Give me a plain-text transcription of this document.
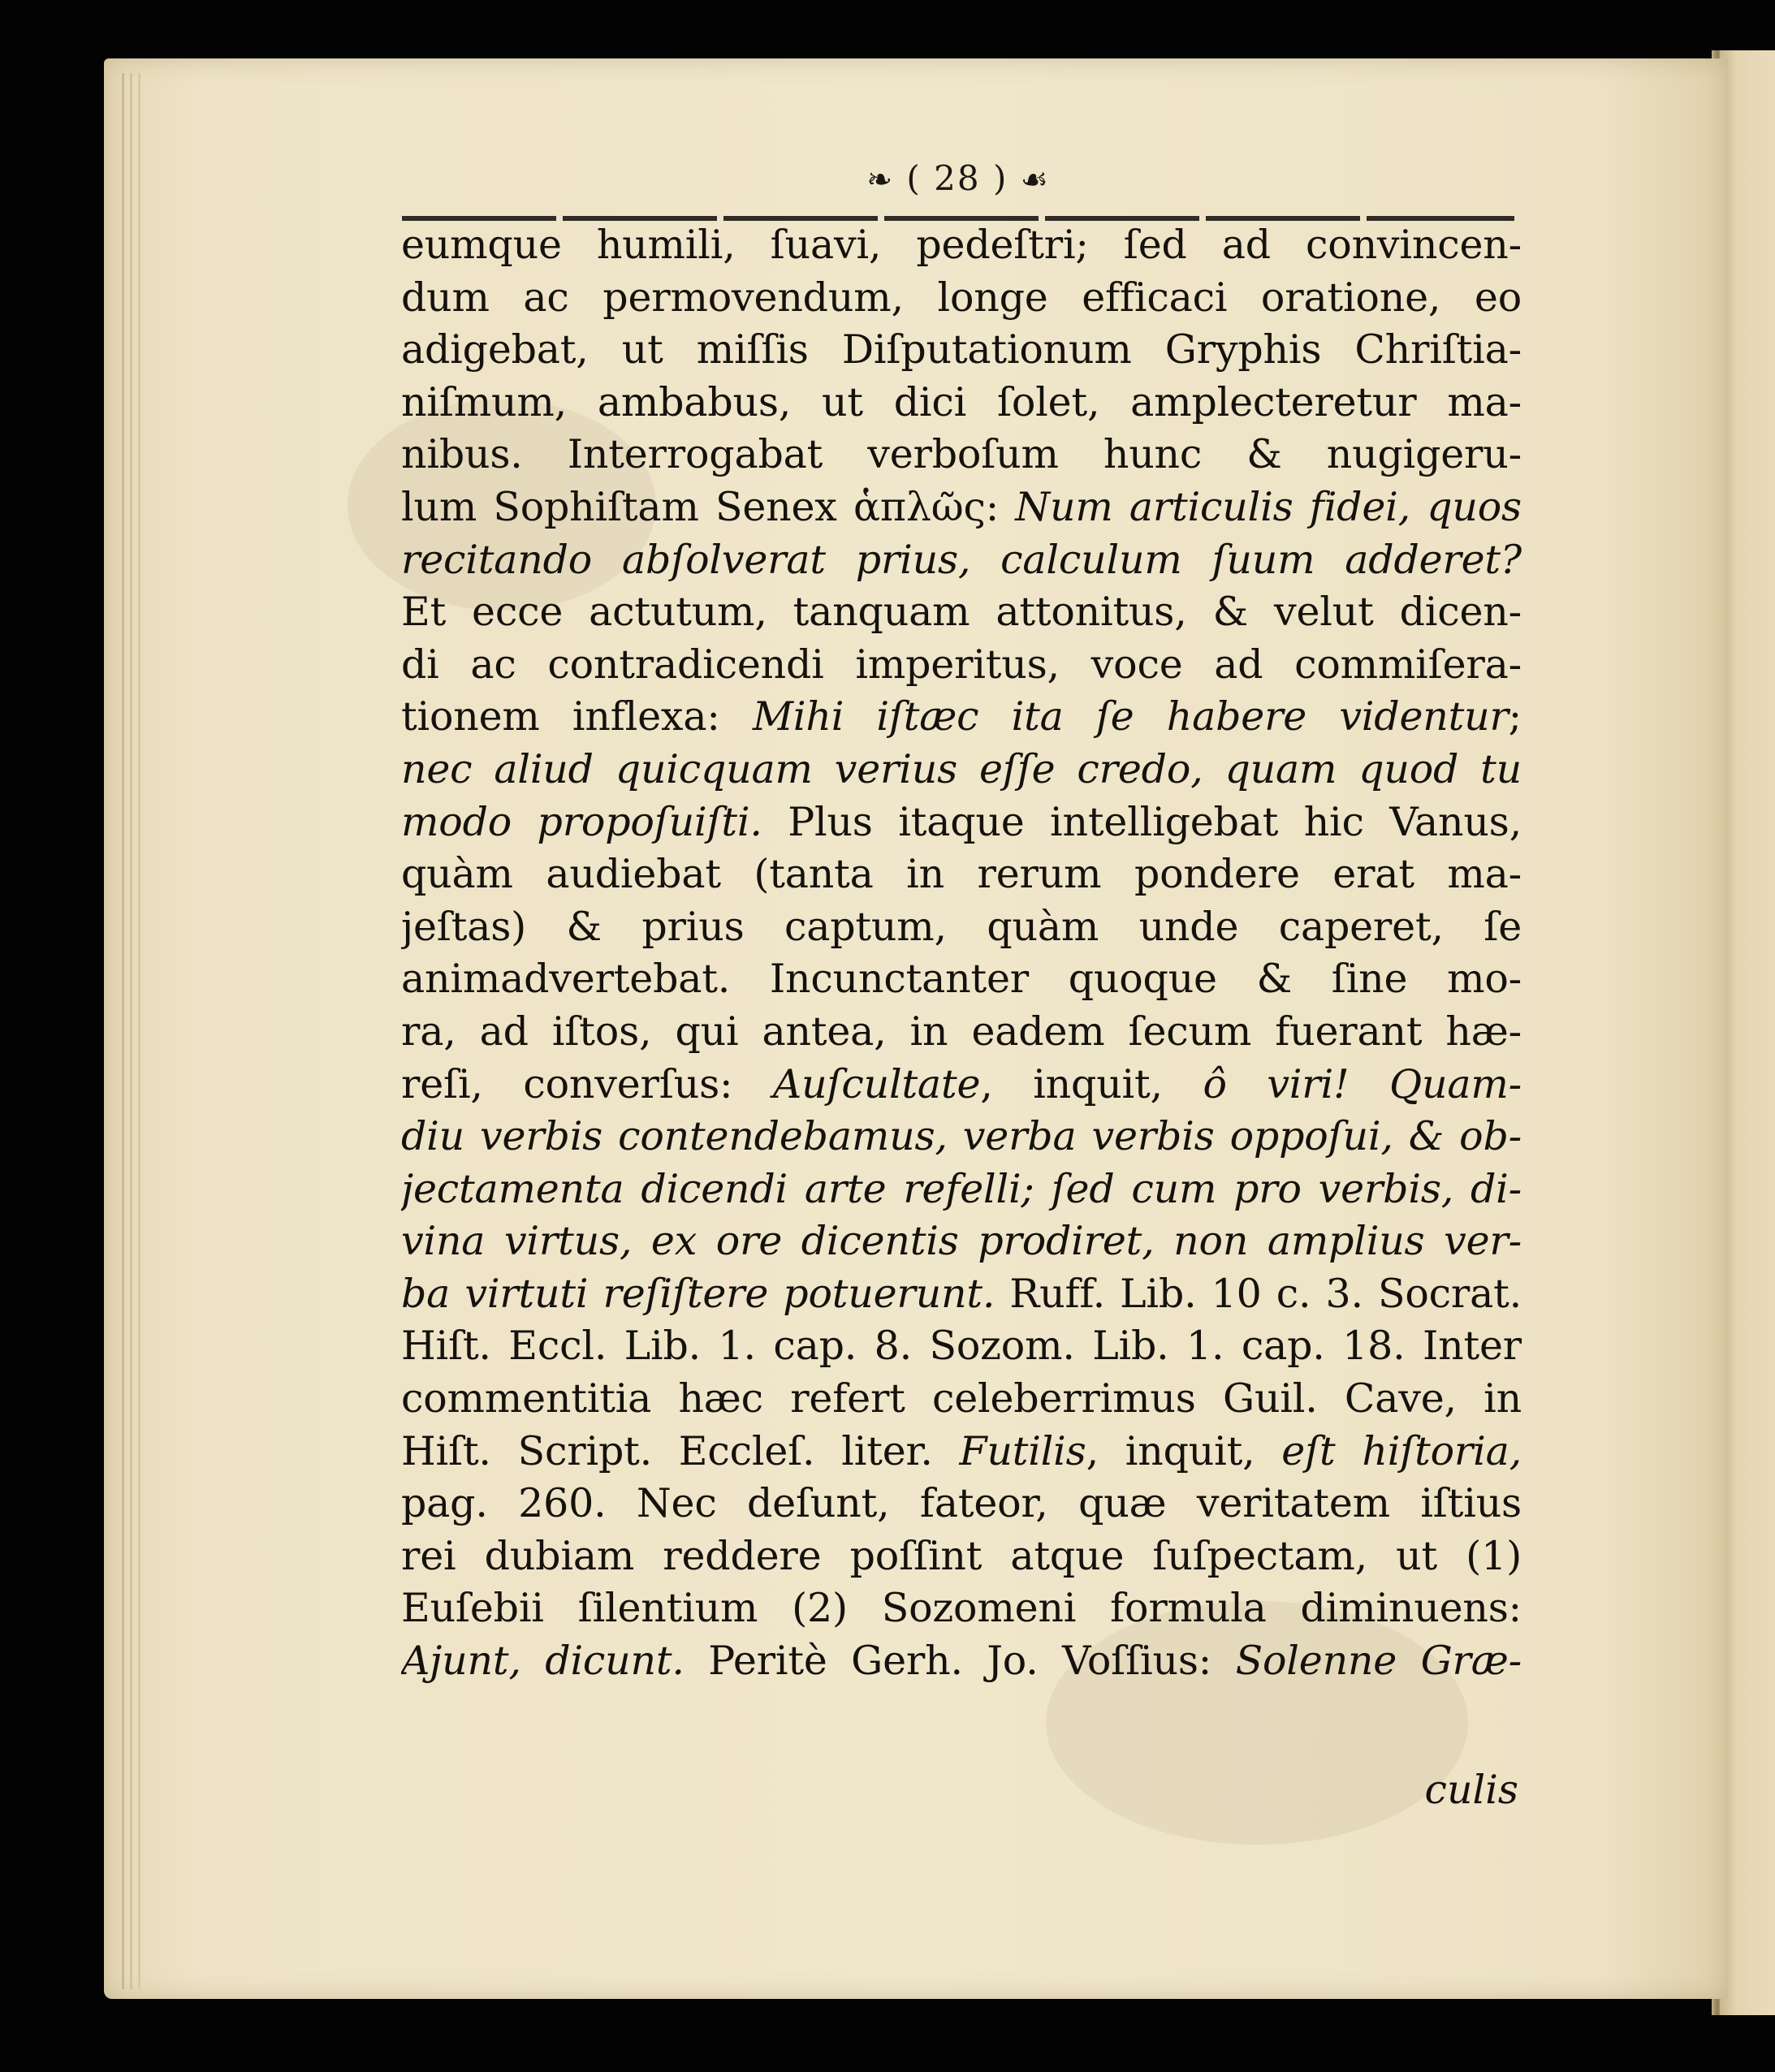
❧ ( 28 ) ☙
eumque humili, ſuavi, pedeſtri; ſed ad convincen-
dum ac permovendum, longe efficaci oratione, eo
adigebat, ut miſſis Diſputationum Gryphis Chriſtia-
niſmum, ambabus, ut dici ſolet, amplecteretur ma-
nibus. Interrogabat verboſum hunc & nugigeru-
lum Sophiſtam Senex ἁπλῶς: Num articulis fidei, quos
recitando abſolverat prius, calculum ſuum adderet?
Et ecce actutum, tanquam attonitus, & velut dicen-
di ac contradicendi imperitus, voce ad commiſera-
tionem inflexa: Mihi iſtæc ita ſe habere videntur;
nec aliud quicquam verius eſſe credo, quam quod tu
modo propoſuiſti. Plus itaque intelligebat hic Vanus,
quàm audiebat (tanta in rerum pondere erat ma-
jeſtas) & prius captum, quàm unde caperet, ſe
animadvertebat. Incunctanter quoque & ſine mo-
ra, ad iſtos, qui antea, in eadem ſecum fuerant hæ-
reſi, converſus: Auſcultate, inquit, ô viri! Quam-
diu verbis contendebamus, verba verbis oppoſui, & ob-
jectamenta dicendi arte refelli; ſed cum pro verbis, di-
vina virtus, ex ore dicentis prodiret, non amplius ver-
ba virtuti reſiſtere potuerunt. Ruff. Lib. 10 c. 3. Socrat.
Hiſt. Eccl. Lib. 1. cap. 8. Sozom. Lib. 1. cap. 18. Inter
commentitia hæc refert celeberrimus Guil. Cave, in
Hiſt. Script. Eccleſ. liter. Futilis, inquit, eſt hiſtoria,
pag. 260. Nec deſunt, fateor, quæ veritatem iſtius
rei dubiam reddere poſſint atque ſuſpectam, ut (1)
Euſebii ſilentium (2) Sozomeni formula diminuens:
Ajunt, dicunt. Peritè Gerh. Jo. Voſſius: Solenne Græ-
culis
